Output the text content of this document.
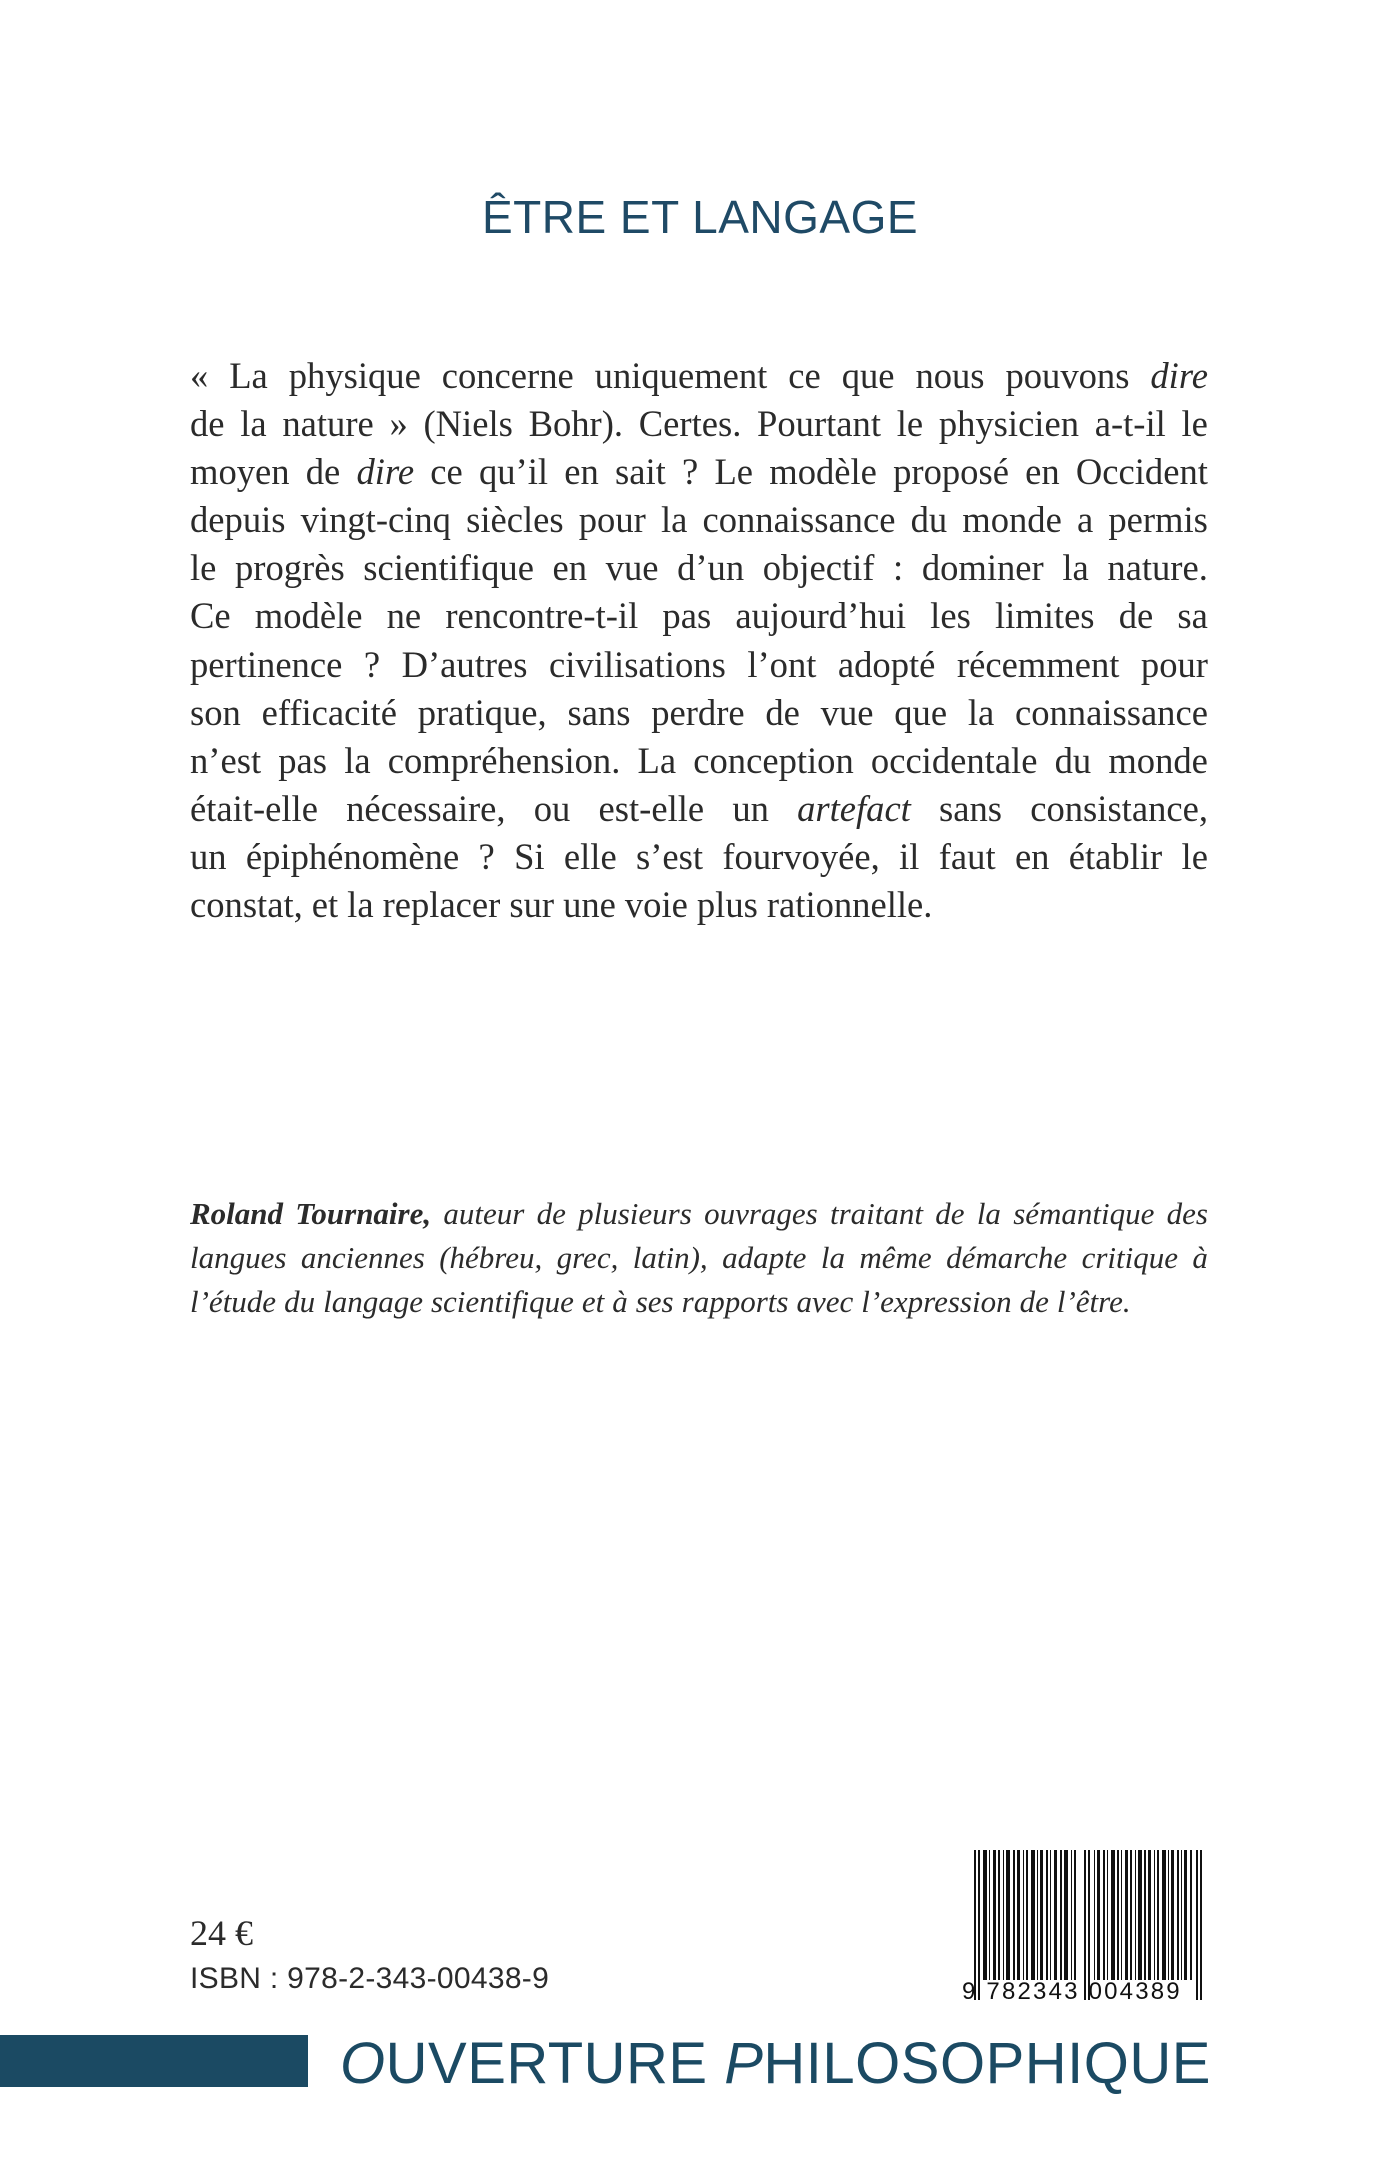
ÊTRE ET LANGAGE
« La physique concerne uniquement ce que nous pouvons dire
de la nature » (Niels Bohr). Certes. Pourtant le physicien a-t-il le
moyen de dire ce qu’il en sait ? Le modèle proposé en Occident
depuis vingt-cinq siècles pour la connaissance du monde a permis
le progrès scientifique en vue d’un objectif : dominer la nature.
Ce modèle ne rencontre-t-il pas aujourd’hui les limites de sa
pertinence ? D’autres civilisations l’ont adopté récemment pour
son efficacité pratique, sans perdre de vue que la connaissance
n’est pas la compréhension. La conception occidentale du monde
était-elle nécessaire, ou est-elle un artefact sans consistance,
un épiphénomène ? Si elle s’est fourvoyée, il faut en établir le
constat, et la replacer sur une voie plus rationnelle.
Roland Tournaire, auteur de plusieurs ouvrages traitant de la sémantique des
langues anciennes (hébreu, grec, latin), adapte la même démarche critique à
l’étude du langage scientifique et à ses rapports avec l’expression de l’être.
24 €
ISBN : 978-2-343-00438-9	9 782343 004389
OUVERTURE PHILOSOPHIQUE
